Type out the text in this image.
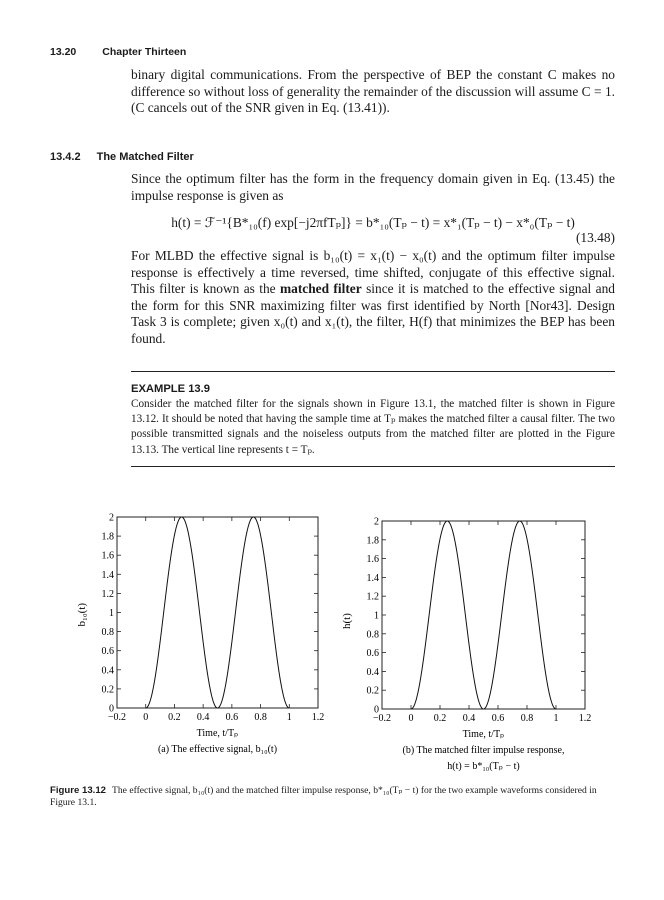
13.20 Chapter Thirteen

binary digital communications. From the perspective of BEP the constant C makes no difference so without loss of generality the remainder of the discussion will assume C = 1. (C cancels out of the SNR given in Eq. (13.41)).

13.4.2 The Matched Filter

Since the optimum filter has the form in the frequency domain given in Eq. (13.45) the impulse response is given as

h(t) = ℱ⁻¹{B*₁₀(f) exp[−j2πfTₚ]} = b*₁₀(Tₚ − t) = x*₁(Tₚ − t) − x*₀(Tₚ − t)
(13.48)

For MLBD the effective signal is b₁₀(t) = x₁(t) − x₀(t) and the optimum filter impulse response is effectively a time reversed, time shifted, conjugate of this effective signal. This filter is known as the matched filter since it is matched to the effective signal and the form for this SNR maximizing filter was first identified by North [Nor43]. Design Task 3 is complete; given x₀(t) and x₁(t), the filter, H(f) that minimizes the BEP has been found.

EXAMPLE 13.9
Consider the matched filter for the signals shown in Figure 13.1, the matched filter is shown in Figure 13.12. It should be noted that having the sample time at Tₚ makes the matched filter a causal filter. The two possible transmitted signals and the noiseless outputs from the matched filter are plotted in the Figure 13.13. The vertical line represents t = Tₚ.
0
0.2
0.4
0.6
0.8
1
1.2
1.4
1.6
1.8
2
−0.2 0 0.2 0.4 0.6 0.8 1 1.2
b₁₀(t)
Time, t/Tₚ
(a) The effective signal, b₁₀(t)
0
0.2
0.4
0.6
0.8
1
1.2
1.4
1.6
1.8
2
−0.2 0 0.2 0.4 0.6 0.8 1 1.2
h(t)
Time, t/Tₚ
(b) The matched filter impulse response,
h(t) = b*₁₀(Tₚ − t)
Figure 13.12 The effective signal, b₁₀(t) and the matched filter impulse response, b*₁₀(Tₚ − t) for the two example waveforms considered in Figure 13.1.
